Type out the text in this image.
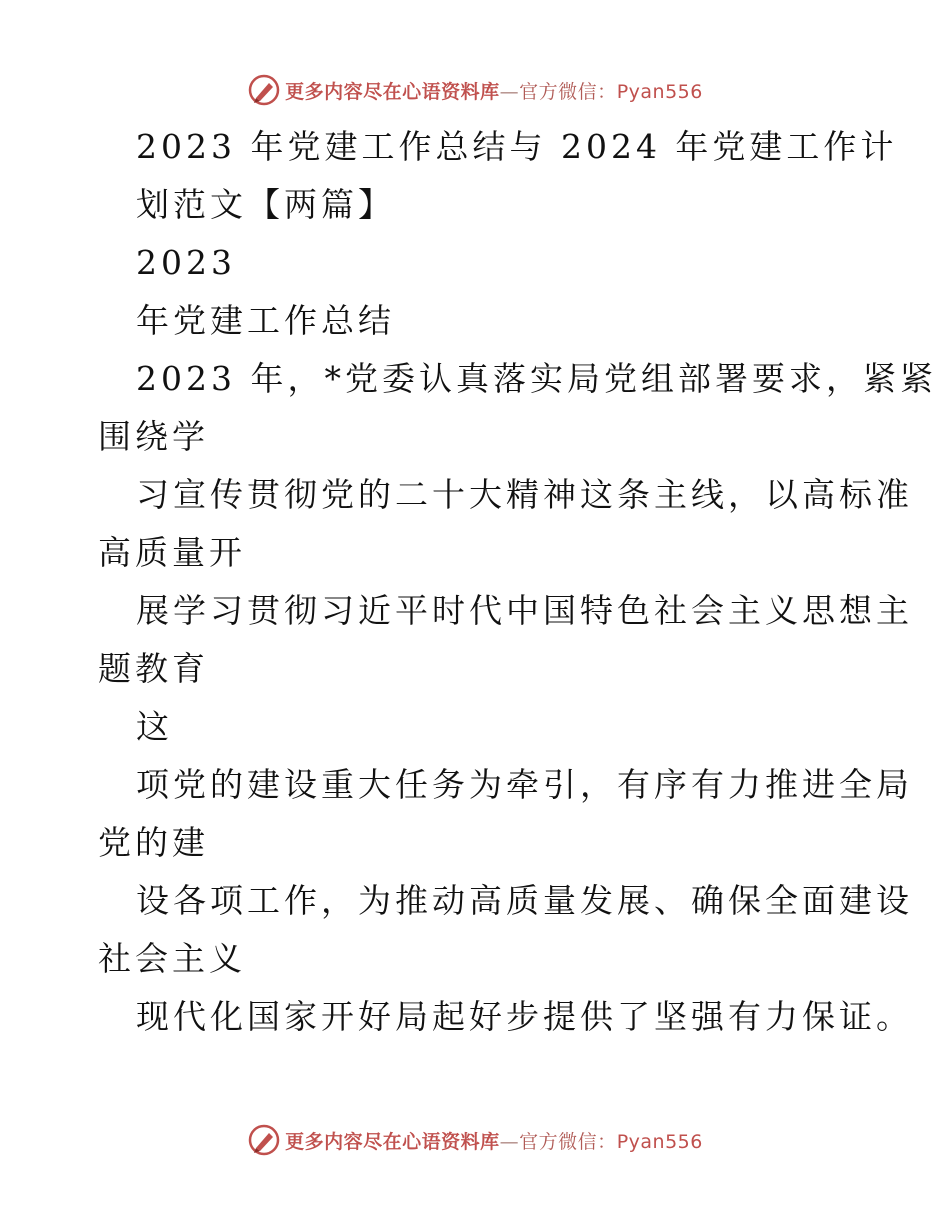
更多内容尽在心语资料库—官方微信：Pyan556
2023 年党建工作总结与 2024 年党建工作计
划范文【两篇】
2023
年党建工作总结
2023 年，*党委认真落实局党组部署要求，紧紧
围绕学
习宣传贯彻党的二十大精神这条主线，以高标准
高质量开
展学习贯彻习近平时代中国特色社会主义思想主
题教育
这
项党的建设重大任务为牵引，有序有力推进全局
党的建
设各项工作，为推动高质量发展、确保全面建设
社会主义
现代化国家开好局起好步提供了坚强有力保证。
更多内容尽在心语资料库—官方微信：Pyan556
